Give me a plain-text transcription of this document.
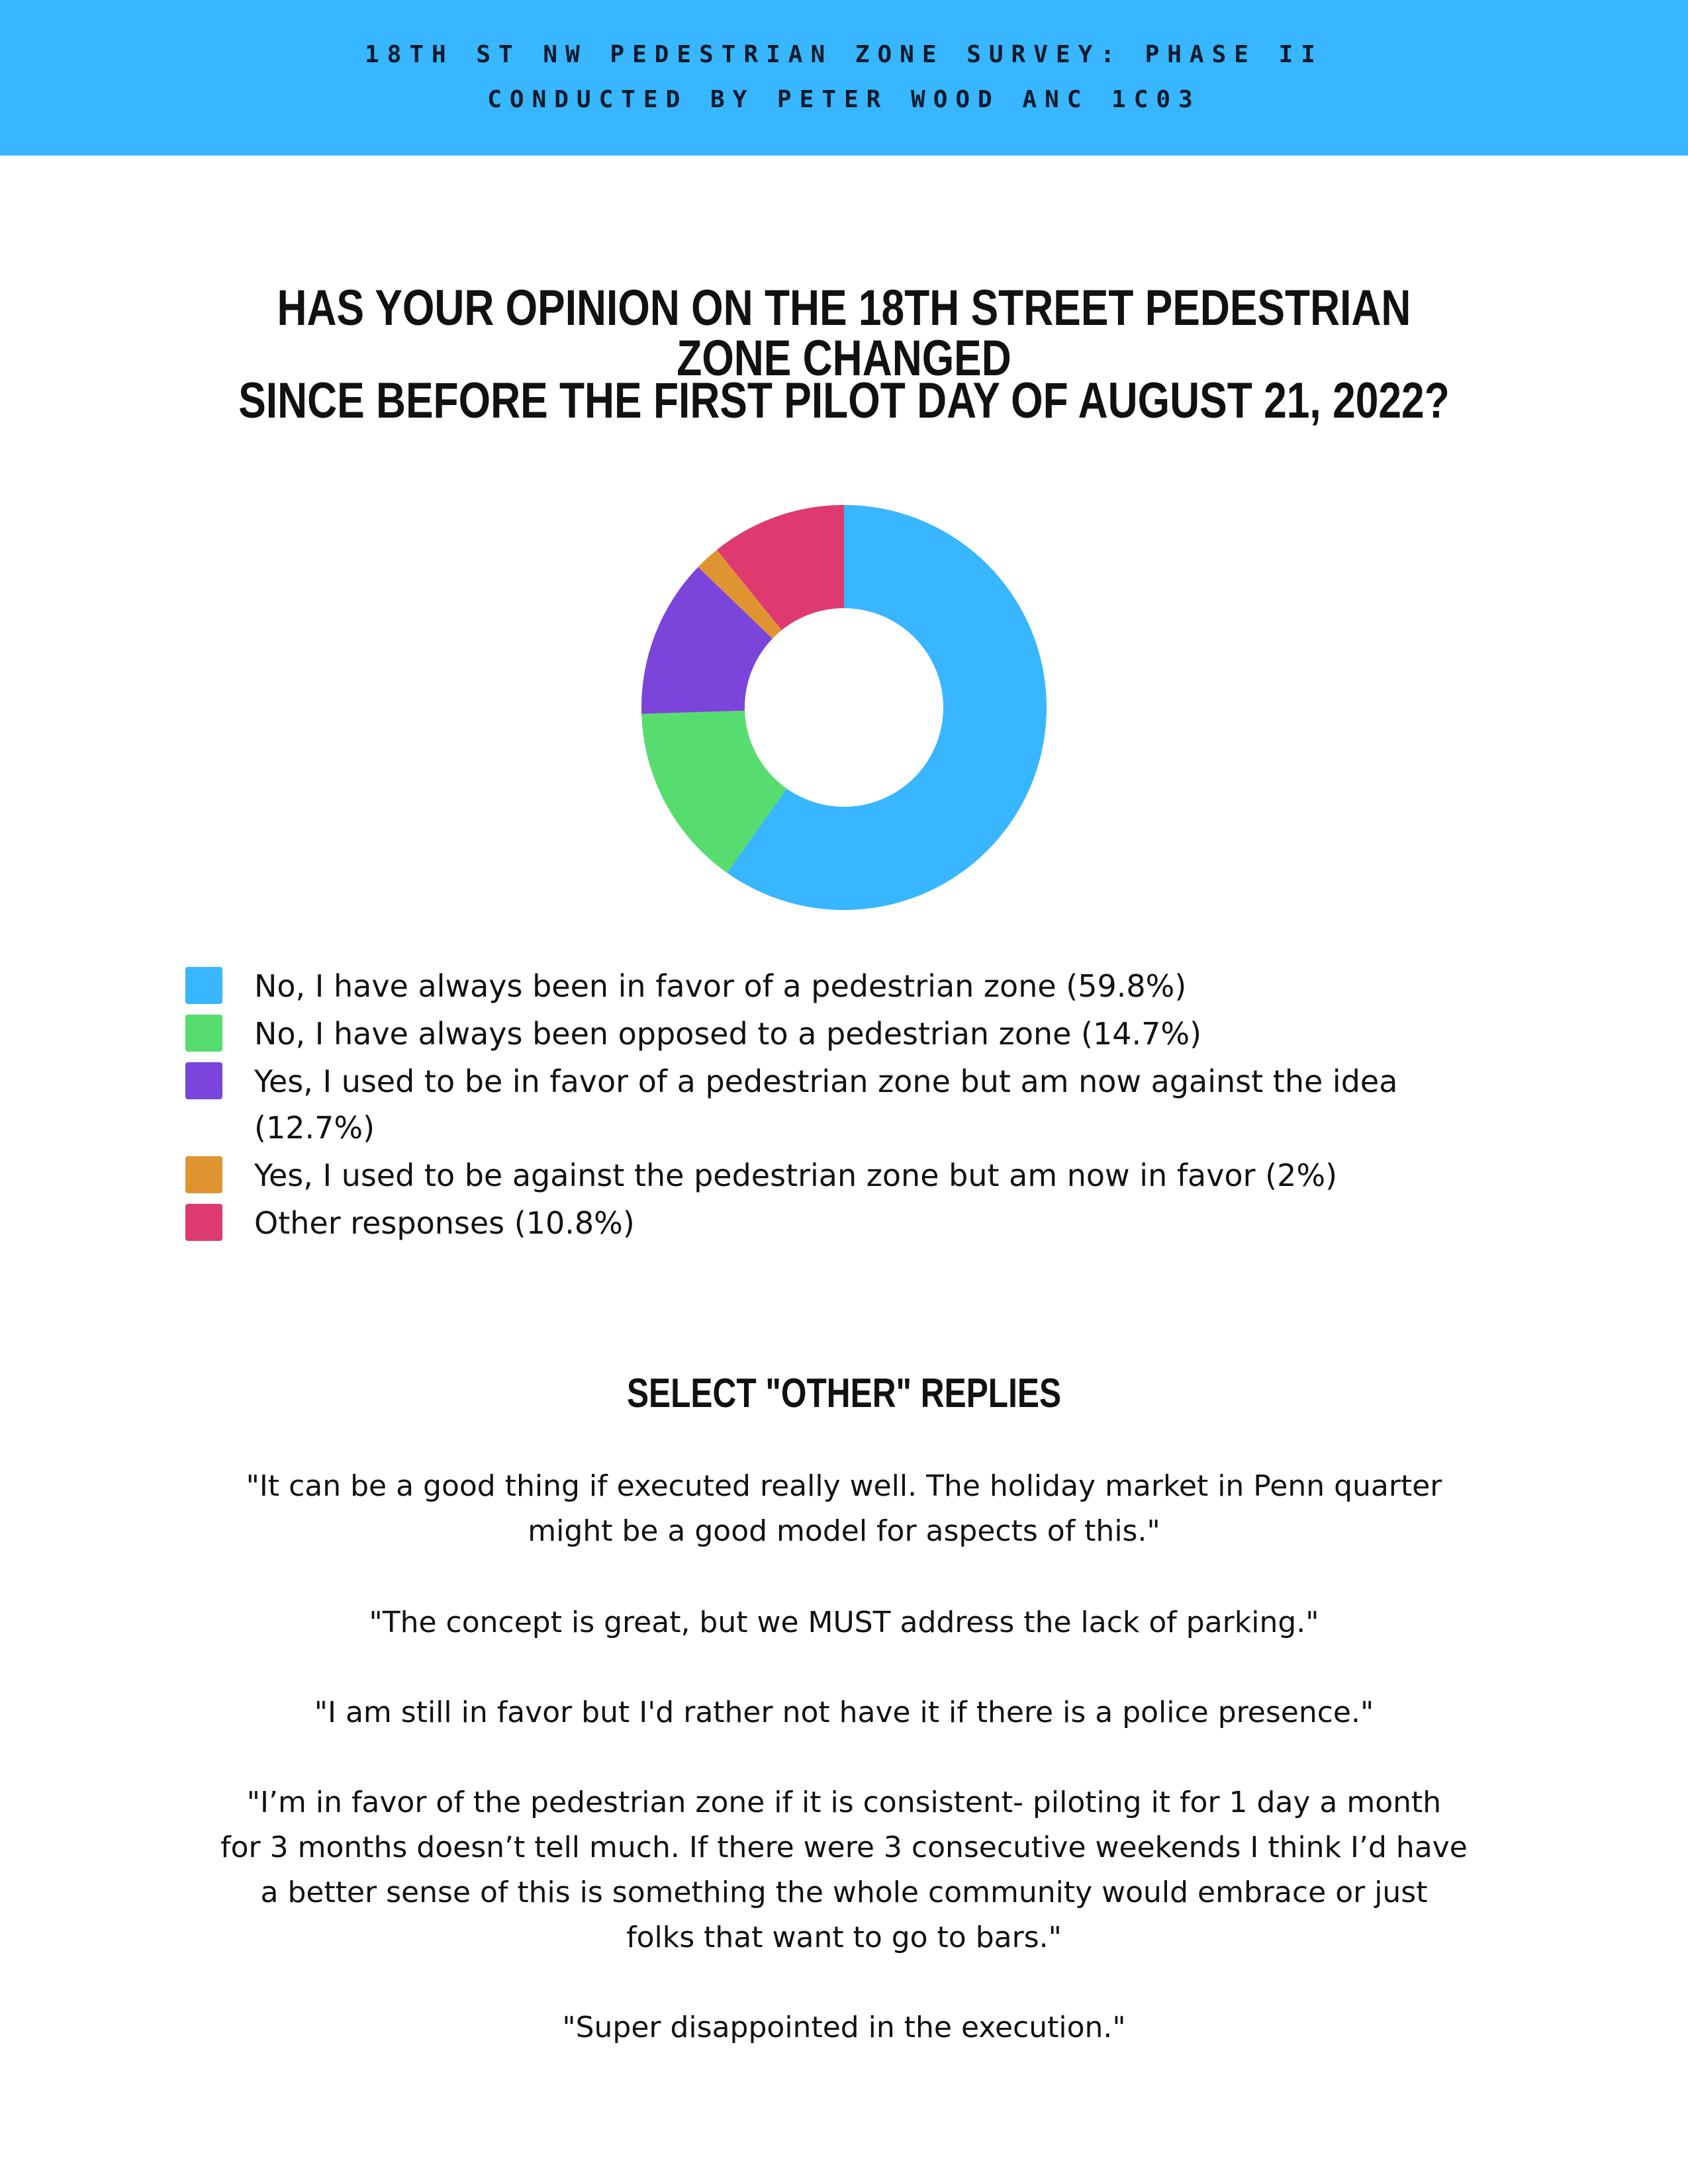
18TH ST NW PEDESTRIAN ZONE SURVEY: PHASE II
CONDUCTED BY PETER WOOD ANC 1C03
HAS YOUR OPINION ON THE 18TH STREET PEDESTRIAN ZONE CHANGED
SINCE BEFORE THE FIRST PILOT DAY OF AUGUST 21, 2022?
No, I have always been in favor of a pedestrian zone (59.8%)
No, I have always been opposed to a pedestrian zone (14.7%)
Yes, I used to be in favor of a pedestrian zone but am now against the idea (12.7%)
Yes, I used to be against the pedestrian zone but am now in favor (2%)
Other responses (10.8%)
SELECT "OTHER" REPLIES
"It can be a good thing if executed really well. The holiday market in Penn quarter
might be a good model for aspects of this."
"The concept is great, but we MUST address the lack of parking."
"I am still in favor but I'd rather not have it if there is a police presence."
"I’m in favor of the pedestrian zone if it is consistent- piloting it for 1 day a month
for 3 months doesn’t tell much. If there were 3 consecutive weekends I think I’d have
a better sense of this is something the whole community would embrace or just
folks that want to go to bars."
"Super disappointed in the execution."
